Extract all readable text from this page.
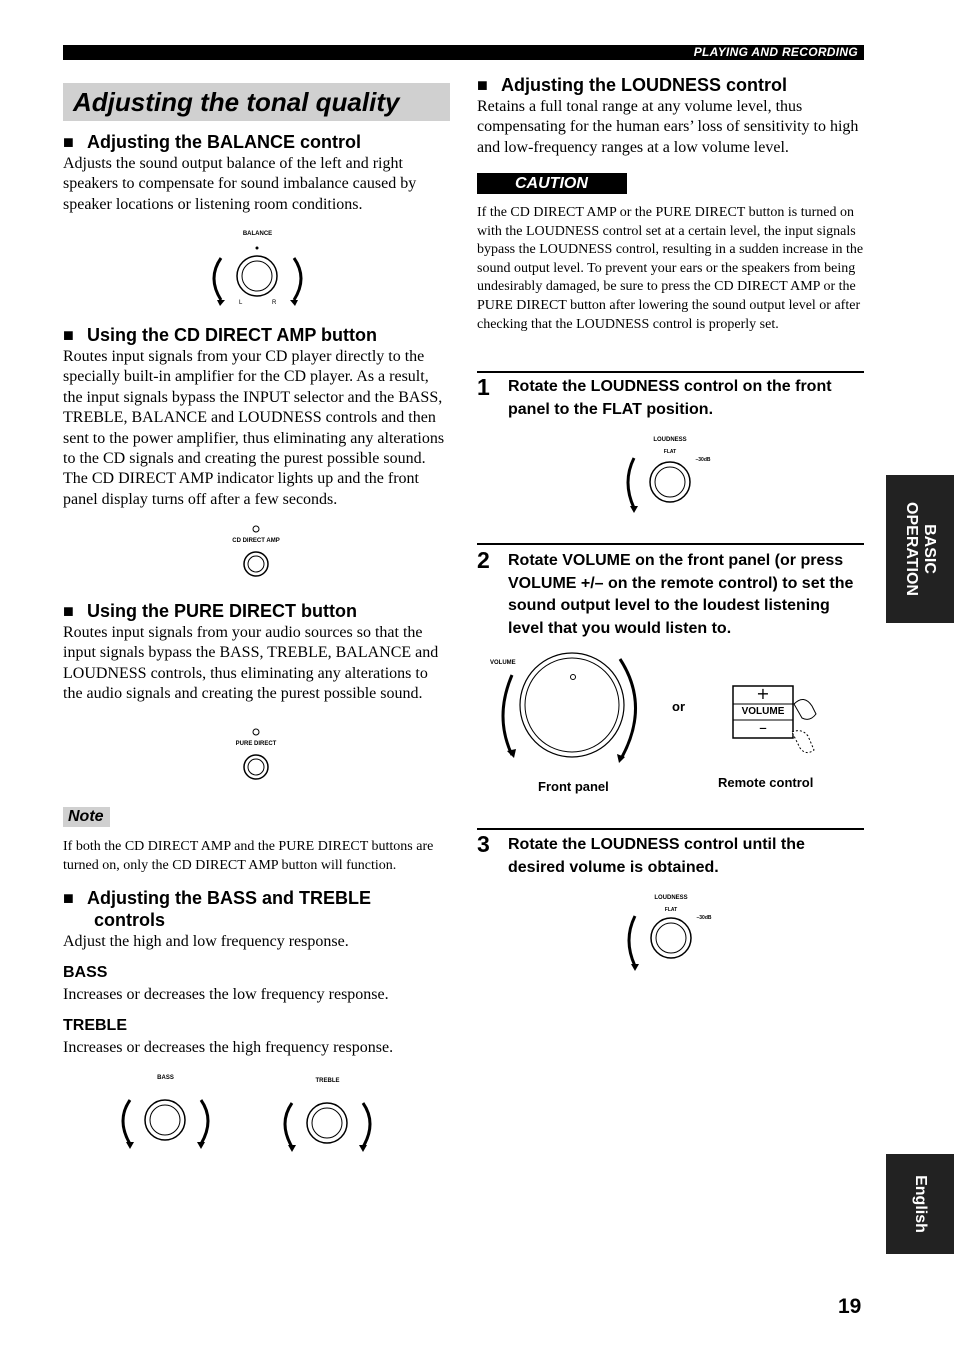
PLAYING AND RECORDING
Adjusting the tonal quality
■ Adjusting the BALANCE control
Adjusts the sound output balance of the left and right speakers to compensate for sound imbalance caused by speaker locations or listening room conditions.
BALANCE
L	R
■ Using the CD DIRECT AMP button
Routes input signals from your CD player directly to the specially built-in amplifier for the CD player. As a result, the input signals bypass the INPUT selector and the BASS, TREBLE, BALANCE and LOUDNESS controls and then sent to the power amplifier, thus eliminating any alterations to the CD signals and creating the purest possible sound. The CD DIRECT AMP indicator lights up and the front panel display turns off after a few seconds.
CD DIRECT AMP
■ Using the PURE DIRECT button
Routes input signals from your audio sources so that the input signals bypass the BASS, TREBLE, BALANCE and LOUDNESS controls, thus eliminating any alterations to the audio signals and creating the purest possible sound.
PURE DIRECT
Note
If both the CD DIRECT AMP and the PURE DIRECT buttons are turned on, only the CD DIRECT AMP button will function.
■ Adjusting the BASS and TREBLE
controls
Adjust the high and low frequency response.
BASS
Increases or decreases the low frequency response.
TREBLE
Increases or decreases the high frequency response.
BASS	TREBLE
■ Adjusting the LOUDNESS control
Retains a full tonal range at any volume level, thus compensating for the human ears’ loss of sensitivity to high and low-frequency ranges at a low volume level.
CAUTION
If the CD DIRECT AMP or the PURE DIRECT button is turned on with the LOUDNESS control set at a certain level, the input signals bypass the LOUDNESS control, resulting in a sudden increase in the sound output level. To prevent your ears or the speakers from being undesirably damaged, be sure to press the CD DIRECT AMP or the PURE DIRECT button after lowering the sound output level or after checking that the LOUDNESS control is properly set.
1 Rotate the LOUDNESS control on the front panel to the FLAT position.
LOUDNESS
FLAT
–30dB
2 Rotate VOLUME on the front panel (or press VOLUME +/– on the remote control) to set the sound output level to the loudest listening level that you would listen to.
VOLUME
or
+
VOLUME
–
Front panel	Remote control
3 Rotate the LOUDNESS control until the desired volume is obtained.
LOUDNESS
FLAT
–30dB
BASIC
OPERATION
English
19
